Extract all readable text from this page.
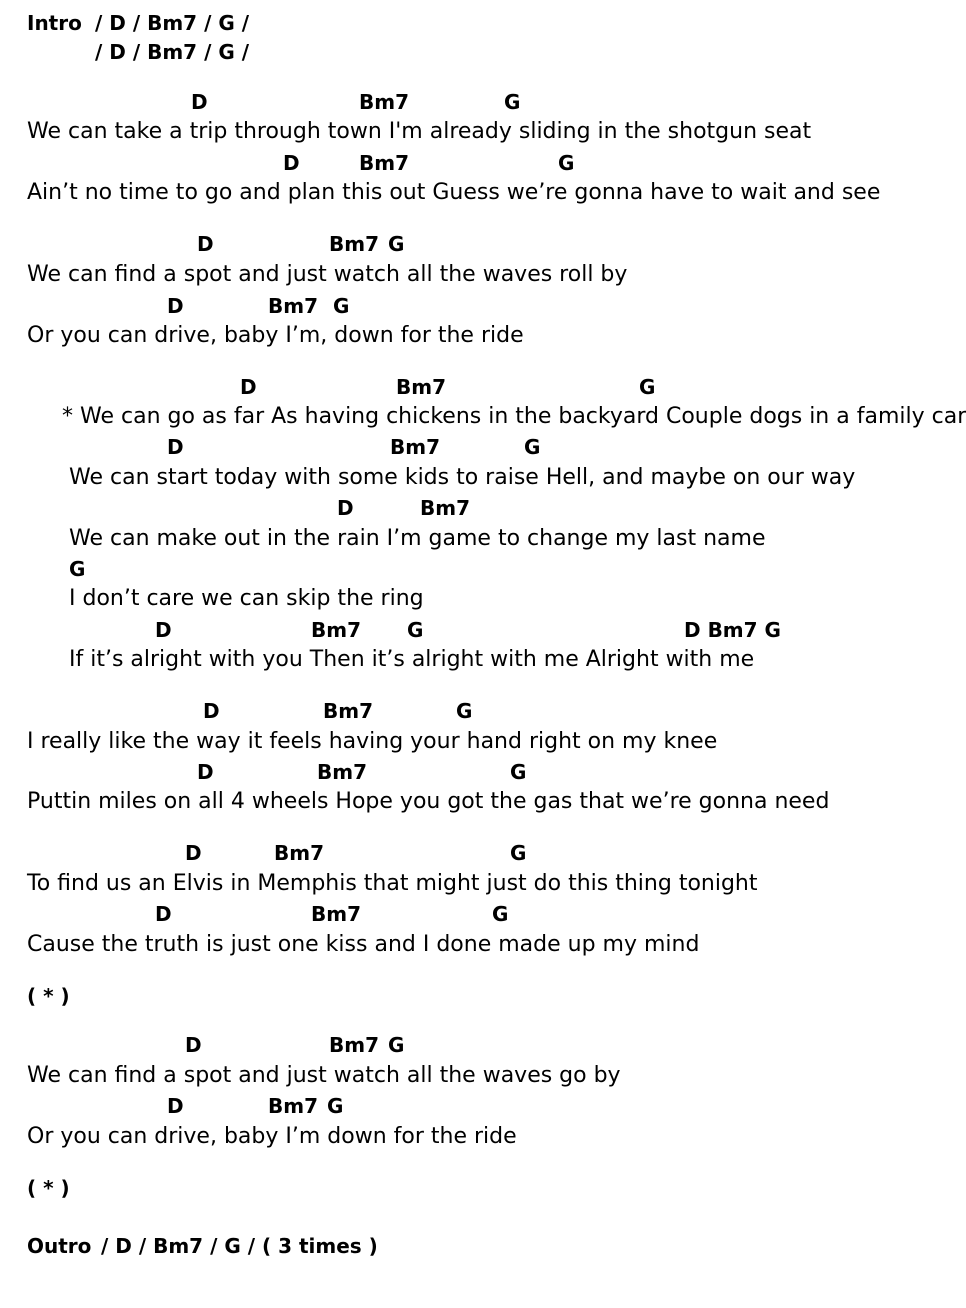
Intro / D / Bm7 / G /
/ D / Bm7 / G /
D	Bm7	G
We can take a trip through town I'm already sliding in the shotgun seat
D	Bm7	G
Ain’t no time to go and plan this out Guess we’re gonna have to wait and see
D	Bm7 G
We can find a spot and just watch all the waves roll by
D	Bm7 G
Or you can drive, baby I’m, down for the ride
D	Bm7	G
* We can go as far As having chickens in the backyard Couple dogs in a family car
D	Bm7	G
We can start today with some kids to raise Hell, and maybe on our way
D	Bm7
We can make out in the rain I’m game to change my last name
G
I don’t care we can skip the ring
D	Bm7 G	D Bm7 G
If it’s alright with you Then it’s alright with me Alright with me
D	Bm7	G
I really like the way it feels having your hand right on my knee
D	Bm7	G
Puttin miles on all 4 wheels Hope you got the gas that we’re gonna need
D	Bm7	G
To find us an Elvis in Memphis that might just do this thing tonight
D	Bm7	G
Cause the truth is just one kiss and I done made up my mind
( * )
D	Bm7 G
We can find a spot and just watch all the waves go by
D	Bm7 G
Or you can drive, baby I’m down for the ride
( * )
Outro / D / Bm7 / G / ( 3 times )
